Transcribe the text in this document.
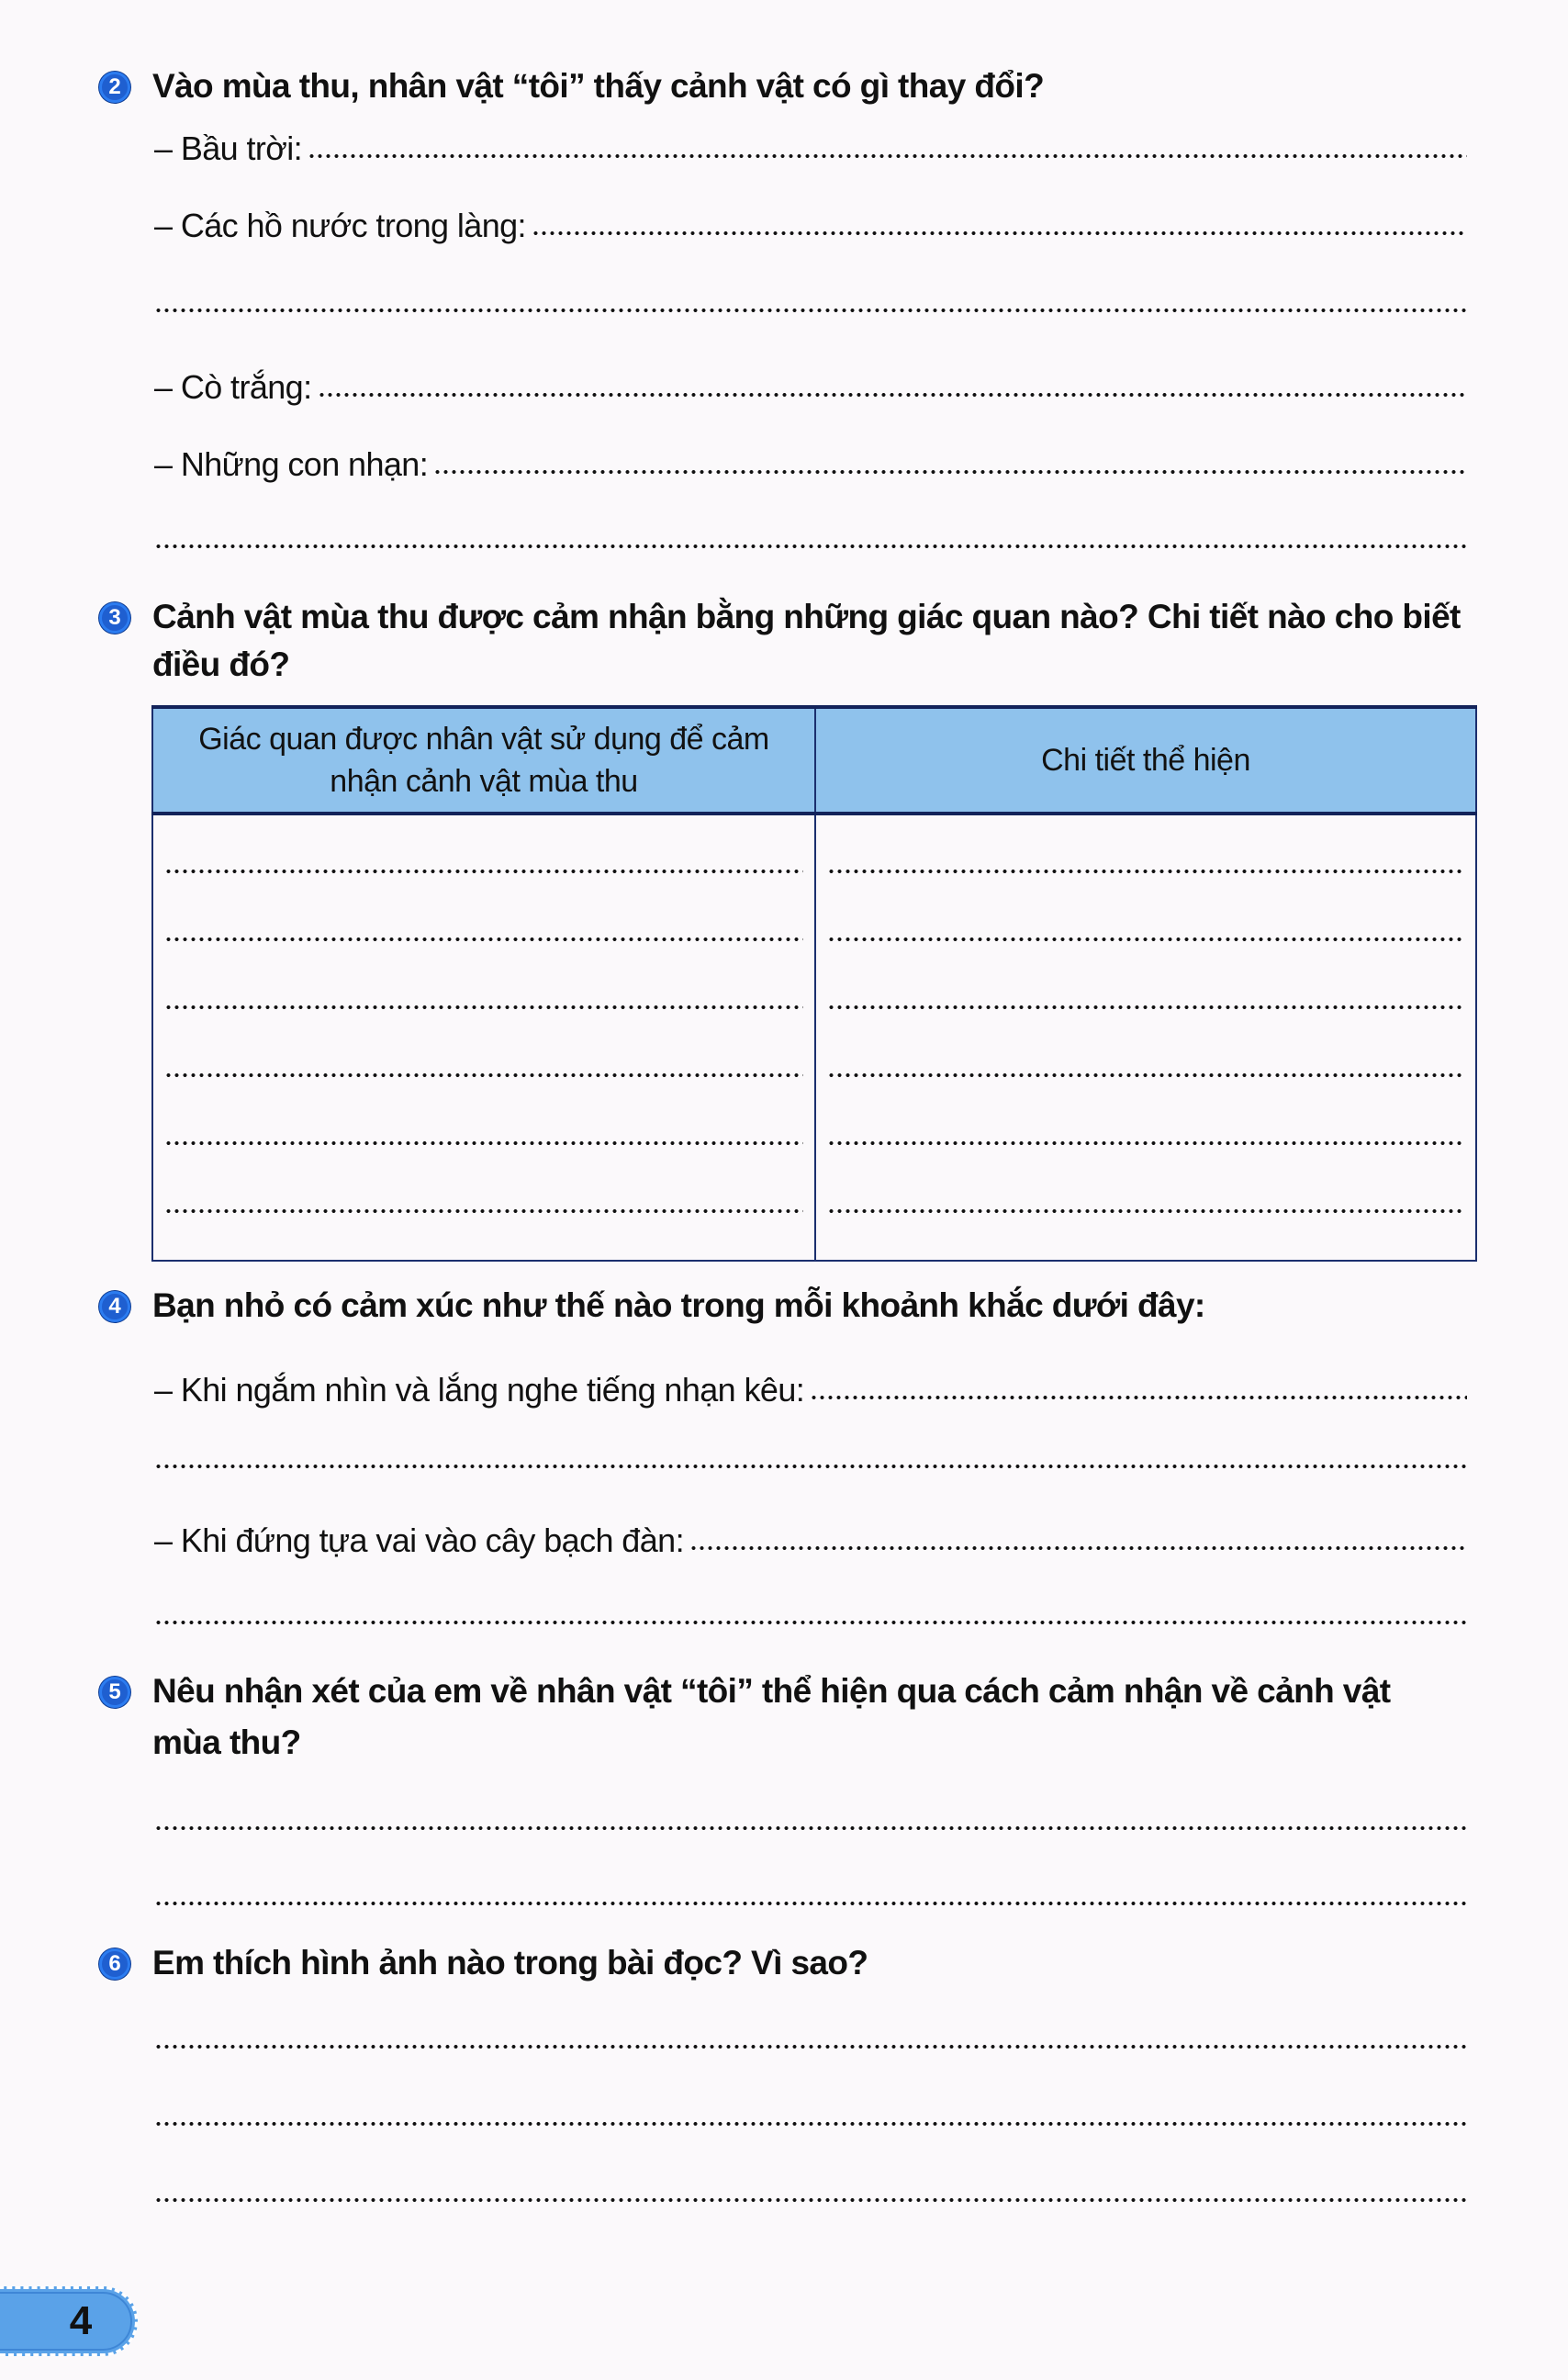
2 Vào mùa thu, nhân vật “tôi” thấy cảnh vật có gì thay đổi?
– Bầu trời:
– Các hồ nước trong làng:
– Cò trắng:
– Những con nhạn:
3 Cảnh vật mùa thu được cảm nhận bằng những giác quan nào? Chi tiết nào cho biết
điều đó?
Giác quan được nhân vật sử dụng để cảm nhận cảnh vật mùa thu	Chi tiết thể hiện

4 Bạn nhỏ có cảm xúc như thế nào trong mỗi khoảnh khắc dưới đây:
– Khi ngắm nhìn và lắng nghe tiếng nhạn kêu:
– Khi đứng tựa vai vào cây bạch đàn:
5 Nêu nhận xét của em về nhân vật “tôi” thể hiện qua cách cảm nhận về cảnh vật
mùa thu?
6 Em thích hình ảnh nào trong bài đọc? Vì sao?
4
